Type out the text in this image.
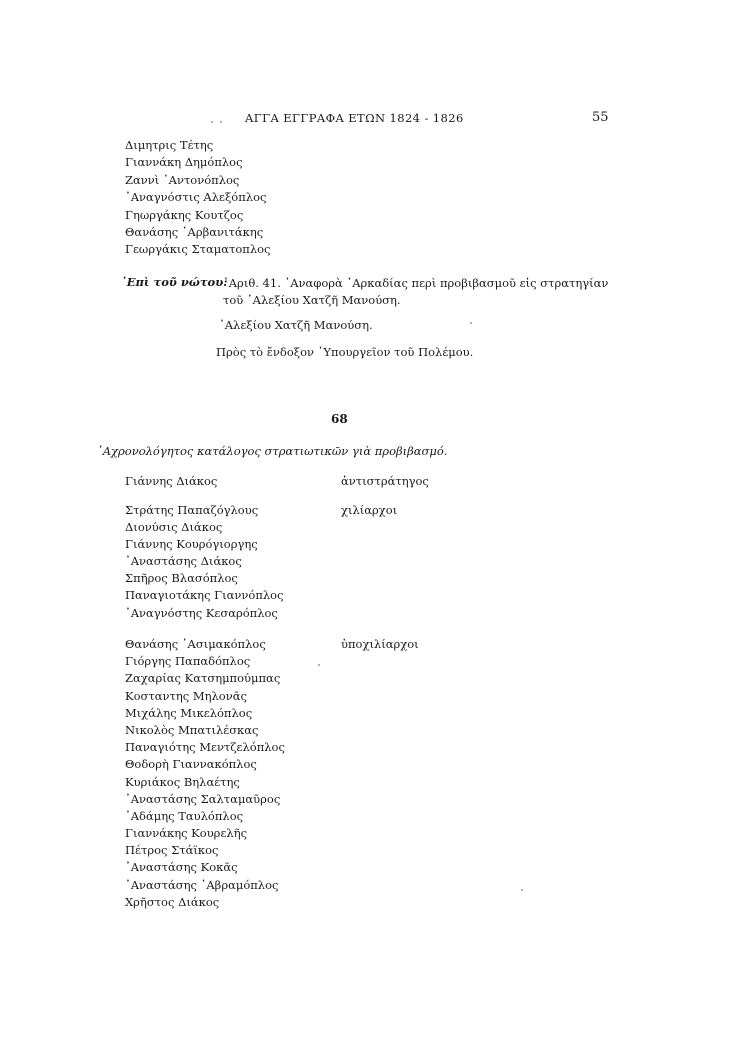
ΑΓΓΑ ΕΓΓΡΑΦΑ ΕΤΩΝ 1824 - 1826	55
Διμητρις Τέτης
Γιαννάκη Δημόπλος
Ζαννὶ ᾿Αντονόπλος
᾿Αναγνόστις Αλεξόπλος
Γηωργάκης Κουτζος
Θανάσης ᾿Αρβανιτάκης
Γεωργάκις Σταματοπλος
᾿Επὶ τοῦ νώτου:
᾿Αριθ. 41. ᾿Αναφορὰ ᾿Αρκαδίας περὶ προβιβασμοῦ εἰς στρατηγίαν
τοῦ ᾿Αλεξίου Χατζῆ Μανούση.
᾿Αλεξίου Χατζῆ Μανούση.
Πρὸς τὸ ἔνδοξον ῾Υπουργεῖον τοῦ Πολέμου.
68
᾿Αχρονολόγητος κατάλογος στρατιωτικῶν γιὰ προβιβασμό.
Γιάννης Διάκος	ἀντιστράτηγος
Στράτης Παπαζόγλους
Διονύσις Διάκος
Γιάννης Κουρόγιοργης
᾿Αναστάσης Διάκος
Σπῆρος Βλασόπλος
Παναγιοτάκης Γιαννόπλος
᾿Αναγνόστης Κεσαρόπλος
χιλίαρχοι
Θανάσης ᾿Ασιμακόπλος
Γιόργης Παπαδόπλος
Ζαχαρίας Κατσημπούμπας
Κοσταντης Μηλονᾶς
Μιχάλης Μικελόπλος
Νικολὸς Μπατιλέσκας
Παναγιότης Μεντζελόπλος
Θοδορὴ Γιαννακόπλος
Κυριάκος Βηλαέτης
᾿Αναστάσης Σαλταμαῦρος
᾿Αδάμης Ταυλόπλος
Γιαννάκης Κουρελῆς
Πέτρος Στάϊκος
᾿Αναστάσης Κοκᾶς
᾿Αναστάσης ᾿Αβραμόπλος
Χρῆστος Διάκος
ὑποχιλίαρχοι
